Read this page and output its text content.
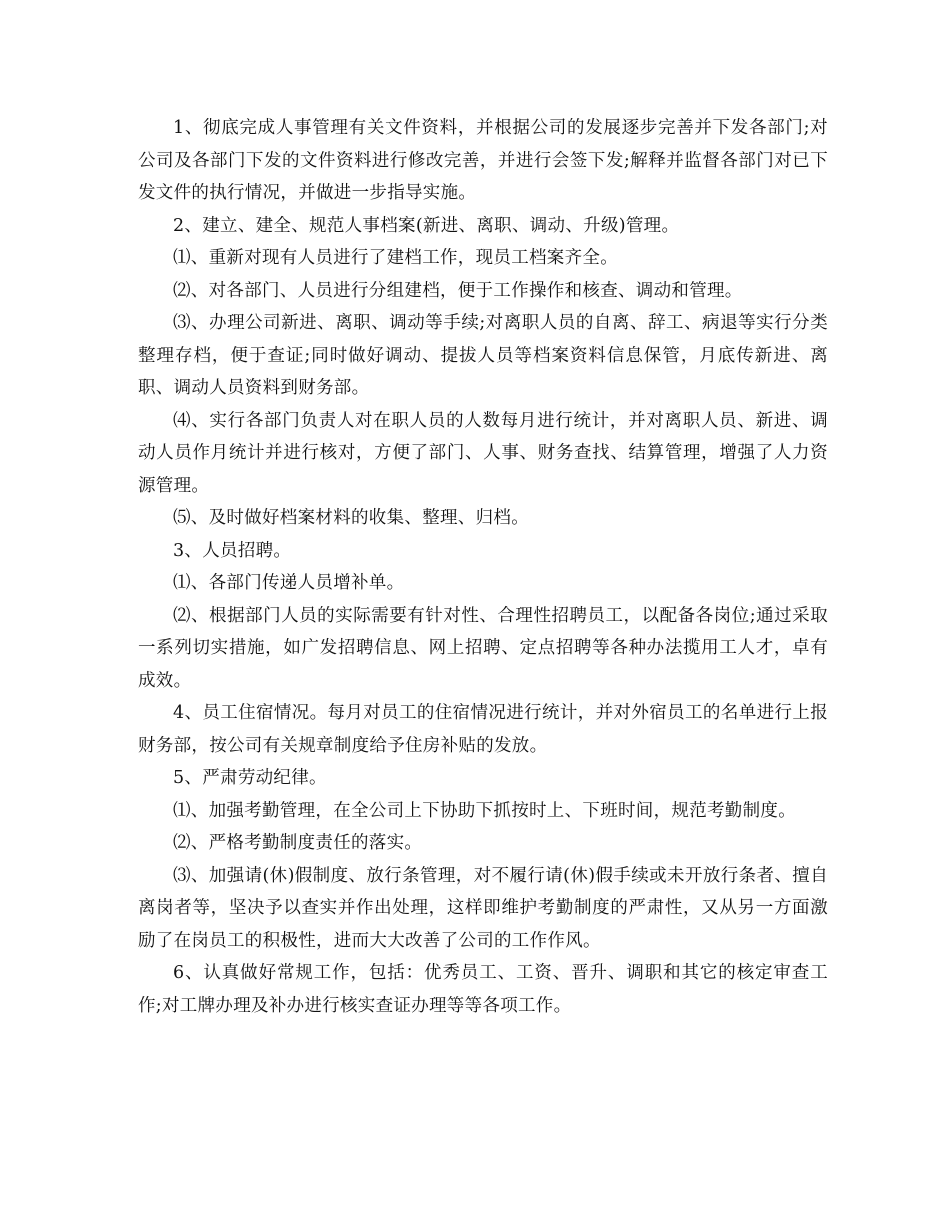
1、彻底完成人事管理有关文件资料，并根据公司的发展逐步完善并下发各部门;对公司及各部门下发的文件资料进行修改完善，并进行会签下发;解释并监督各部门对已下发文件的执行情况，并做进一步指导实施。

2、建立、建全、规范人事档案(新进、离职、调动、升级)管理。

⑴、重新对现有人员进行了建档工作，现员工档案齐全。

⑵、对各部门、人员进行分组建档，便于工作操作和核查、调动和管理。

⑶、办理公司新进、离职、调动等手续;对离职人员的自离、辞工、病退等实行分类整理存档，便于查证;同时做好调动、提拔人员等档案资料信息保管，月底传新进、离职、调动人员资料到财务部。

⑷、实行各部门负责人对在职人员的人数每月进行统计，并对离职人员、新进、调动人员作月统计并进行核对，方便了部门、人事、财务查找、结算管理，增强了人力资源管理。

⑸、及时做好档案材料的收集、整理、归档。

3、人员招聘。

⑴、各部门传递人员增补单。

⑵、根据部门人员的实际需要有针对性、合理性招聘员工，以配备各岗位;通过采取一系列切实措施，如广发招聘信息、网上招聘、定点招聘等各种办法揽用工人才，卓有成效。

4、员工住宿情况。每月对员工的住宿情况进行统计，并对外宿员工的名单进行上报财务部，按公司有关规章制度给予住房补贴的发放。

5、严肃劳动纪律。

⑴、加强考勤管理，在全公司上下协助下抓按时上、下班时间，规范考勤制度。

⑵、严格考勤制度责任的落实。

⑶、加强请(休)假制度、放行条管理，对不履行请(休)假手续或未开放行条者、擅自离岗者等，坚决予以查实并作出处理，这样即维护考勤制度的严肃性，又从另一方面激励了在岗员工的积极性，进而大大改善了公司的工作作风。

6、认真做好常规工作，包括：优秀员工、工资、晋升、调职和其它的核定审查工作;对工牌办理及补办进行核实查证办理等等各项工作。
